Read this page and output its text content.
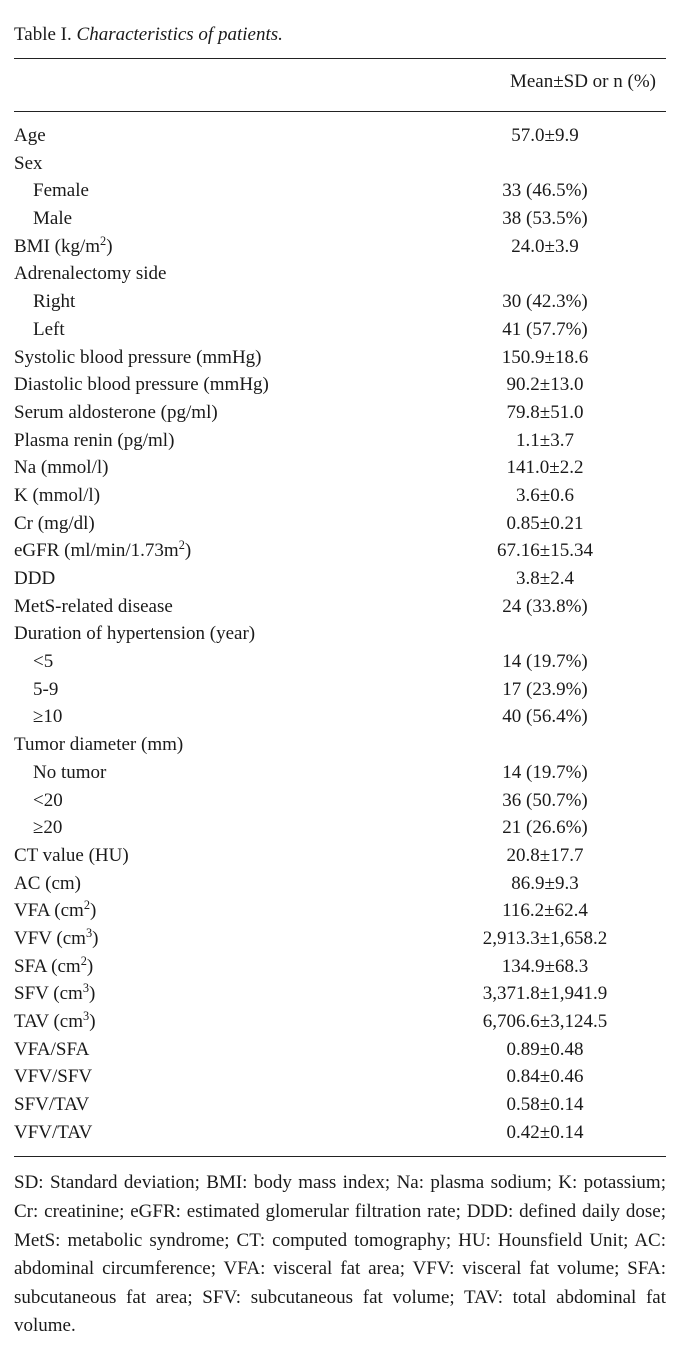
Table I. Characteristics of patients.
Mean±SD or n (%)
Age	57.0±9.9
Sex
Female	33 (46.5%)
Male	38 (53.5%)
BMI $(kg/m^2)$	24.0±3.9
Adrenalectomy side
Right	30 (42.3%)
Left	41 (57.7%)
Systolic blood pressure (mmHg)	150.9±18.6
Diastolic blood pressure (mmHg)	90.2±13.0
Serum aldosterone (pg/ml)	79.8±51.0
Plasma renin (pg/ml)	1.1±3.7
Na (mmol/l)	141.0±2.2
K (mmol/l)	3.6±0.6
Cr (mg/dl)	0.85±0.21
eGFR $(ml/\min/1.73m^2)$	67.16±15.34
DDD	3.8±2.4
MetS-related disease	24 (33.8%)
Duration of hypertension (year)
<5	14 (19.7%)
5-9	17 (23.9%)
≥10	40 (56.4%)
Tumor diameter (mm)
No tumor	14 (19.7%)
<20	36 (50.7%)
≥20	21 (26.6%)
CT value (HU)	20.8±17.7
AC (cm)	86.9±9.3
VFA $(cm^2)$	116.2±62.4
VFV $(cm^3)$	2,913.3±1,658.2
SFA $(cm^2)$	134.9±68.3
SFV $(cm^3)$	3,371.8±1,941.9
TAV $(cm^3)$	6,706.6±3,124.5
VFA/SFA	0.89±0.48
VFV/SFV	0.84±0.46
SFV/TAV	0.58±0.14
VFV/TAV	0.42±0.14
SD: Standard deviation; BMI: body mass index; Na: plasma sodium; K: potassium; Cr: creatinine; eGFR: estimated glomerular filtration rate; DDD: defined daily dose; MetS: metabolic syndrome; CT: computed tomography; HU: Hounsfield Unit; AC: abdominal circumference; VFA: visceral fat area; VFV: visceral fat volume; SFA: subcutaneous fat area; SFV: subcutaneous fat volume; TAV: total abdominal fat volume.
